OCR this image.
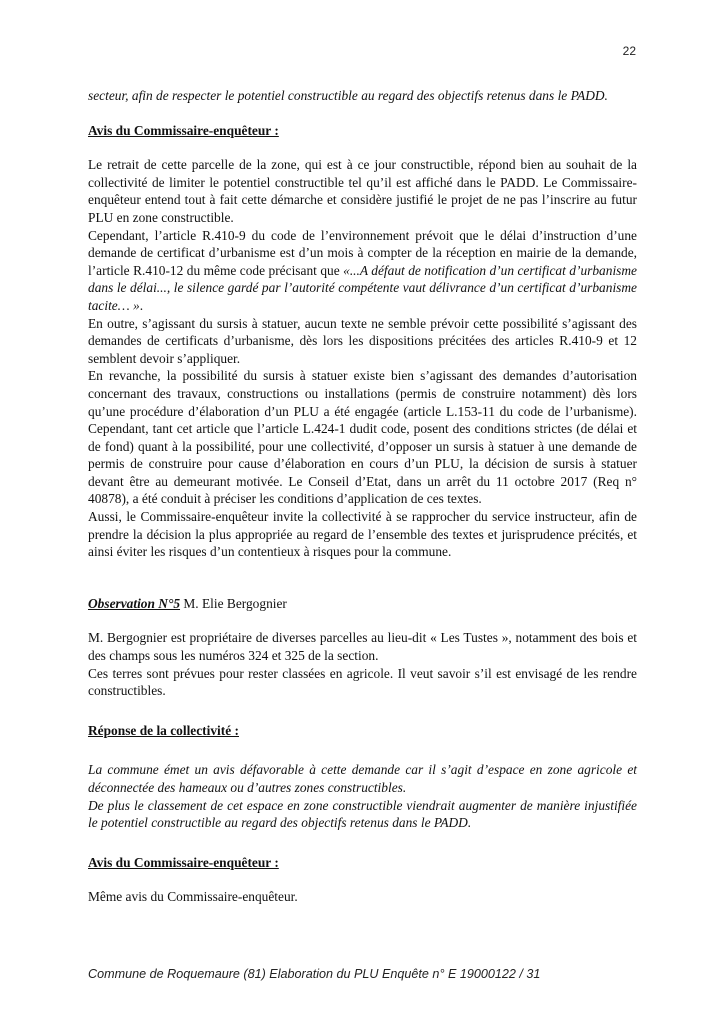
22

secteur, afin de respecter le potentiel constructible au regard des objectifs retenus dans le PADD.

Avis du Commissaire-enquêteur :

Le retrait de cette parcelle de la zone, qui est à ce jour constructible, répond bien au souhait de la collectivité de limiter le potentiel constructible tel qu’il est affiché dans le PADD. Le Commissaire-enquêteur entend tout à fait cette démarche et considère justifié le projet de ne pas l’inscrire au futur PLU en zone constructible.

Cependant, l’article R.410-9 du code de l’environnement prévoit que le délai d’instruction d’une demande de certificat d’urbanisme est d’un mois à compter de la réception en mairie de la demande, l’article R.410-12 du même code précisant que «...A défaut de notification d’un certificat d’urbanisme dans le délai..., le silence gardé par l’autorité compétente vaut délivrance d’un certificat d’urbanisme tacite… ».

En outre, s’agissant du sursis à statuer, aucun texte ne semble prévoir cette possibilité s’agissant des demandes de certificats d’urbanisme, dès lors les dispositions précitées des articles R.410-9 et 12 semblent devoir s’appliquer.

En revanche, la possibilité du sursis à statuer existe bien s’agissant des demandes d’autorisation concernant des travaux, constructions ou installations (permis de construire notamment) dès lors qu’une procédure d’élaboration d’un PLU a été engagée (article L.153-11 du code de l’urbanisme). Cependant, tant cet article que l’article L.424-1 dudit code, posent des conditions strictes (de délai et de fond) quant à la possibilité, pour une collectivité, d’opposer un sursis à statuer à une demande de permis de construire pour cause d’élaboration en cours d’un PLU, la décision de sursis à statuer devant être au demeurant motivée. Le Conseil d’Etat, dans un arrêt du 11 octobre 2017 (Req n° 40878), a été conduit à préciser les conditions d’application de ces textes.

Aussi, le Commissaire-enquêteur invite la collectivité à se rapprocher du service instructeur, afin de prendre la décision la plus appropriée au regard de l’ensemble des textes et jurisprudence précités, et ainsi éviter les risques d’un contentieux à risques pour la commune.

Observation N°5 M. Elie Bergognier

M. Bergognier est propriétaire de diverses parcelles au lieu-dit « Les Tustes », notamment des bois et des champs sous les numéros 324 et 325 de la section.

Ces terres sont prévues pour rester classées en agricole. Il veut savoir s’il est envisagé de les rendre constructibles.

Réponse de la collectivité :

La commune émet un avis défavorable à cette demande car il s’agit d’espace en zone agricole et déconnectée des hameaux ou d’autres zones constructibles.

De plus le classement de cet espace en zone constructible viendrait augmenter de manière injustifiée le potentiel constructible au regard des objectifs retenus dans le PADD.

Avis du Commissaire-enquêteur :

Même avis du Commissaire-enquêteur.

Commune de Roquemaure (81) Elaboration du PLU Enquête n° E 19000122 / 31
